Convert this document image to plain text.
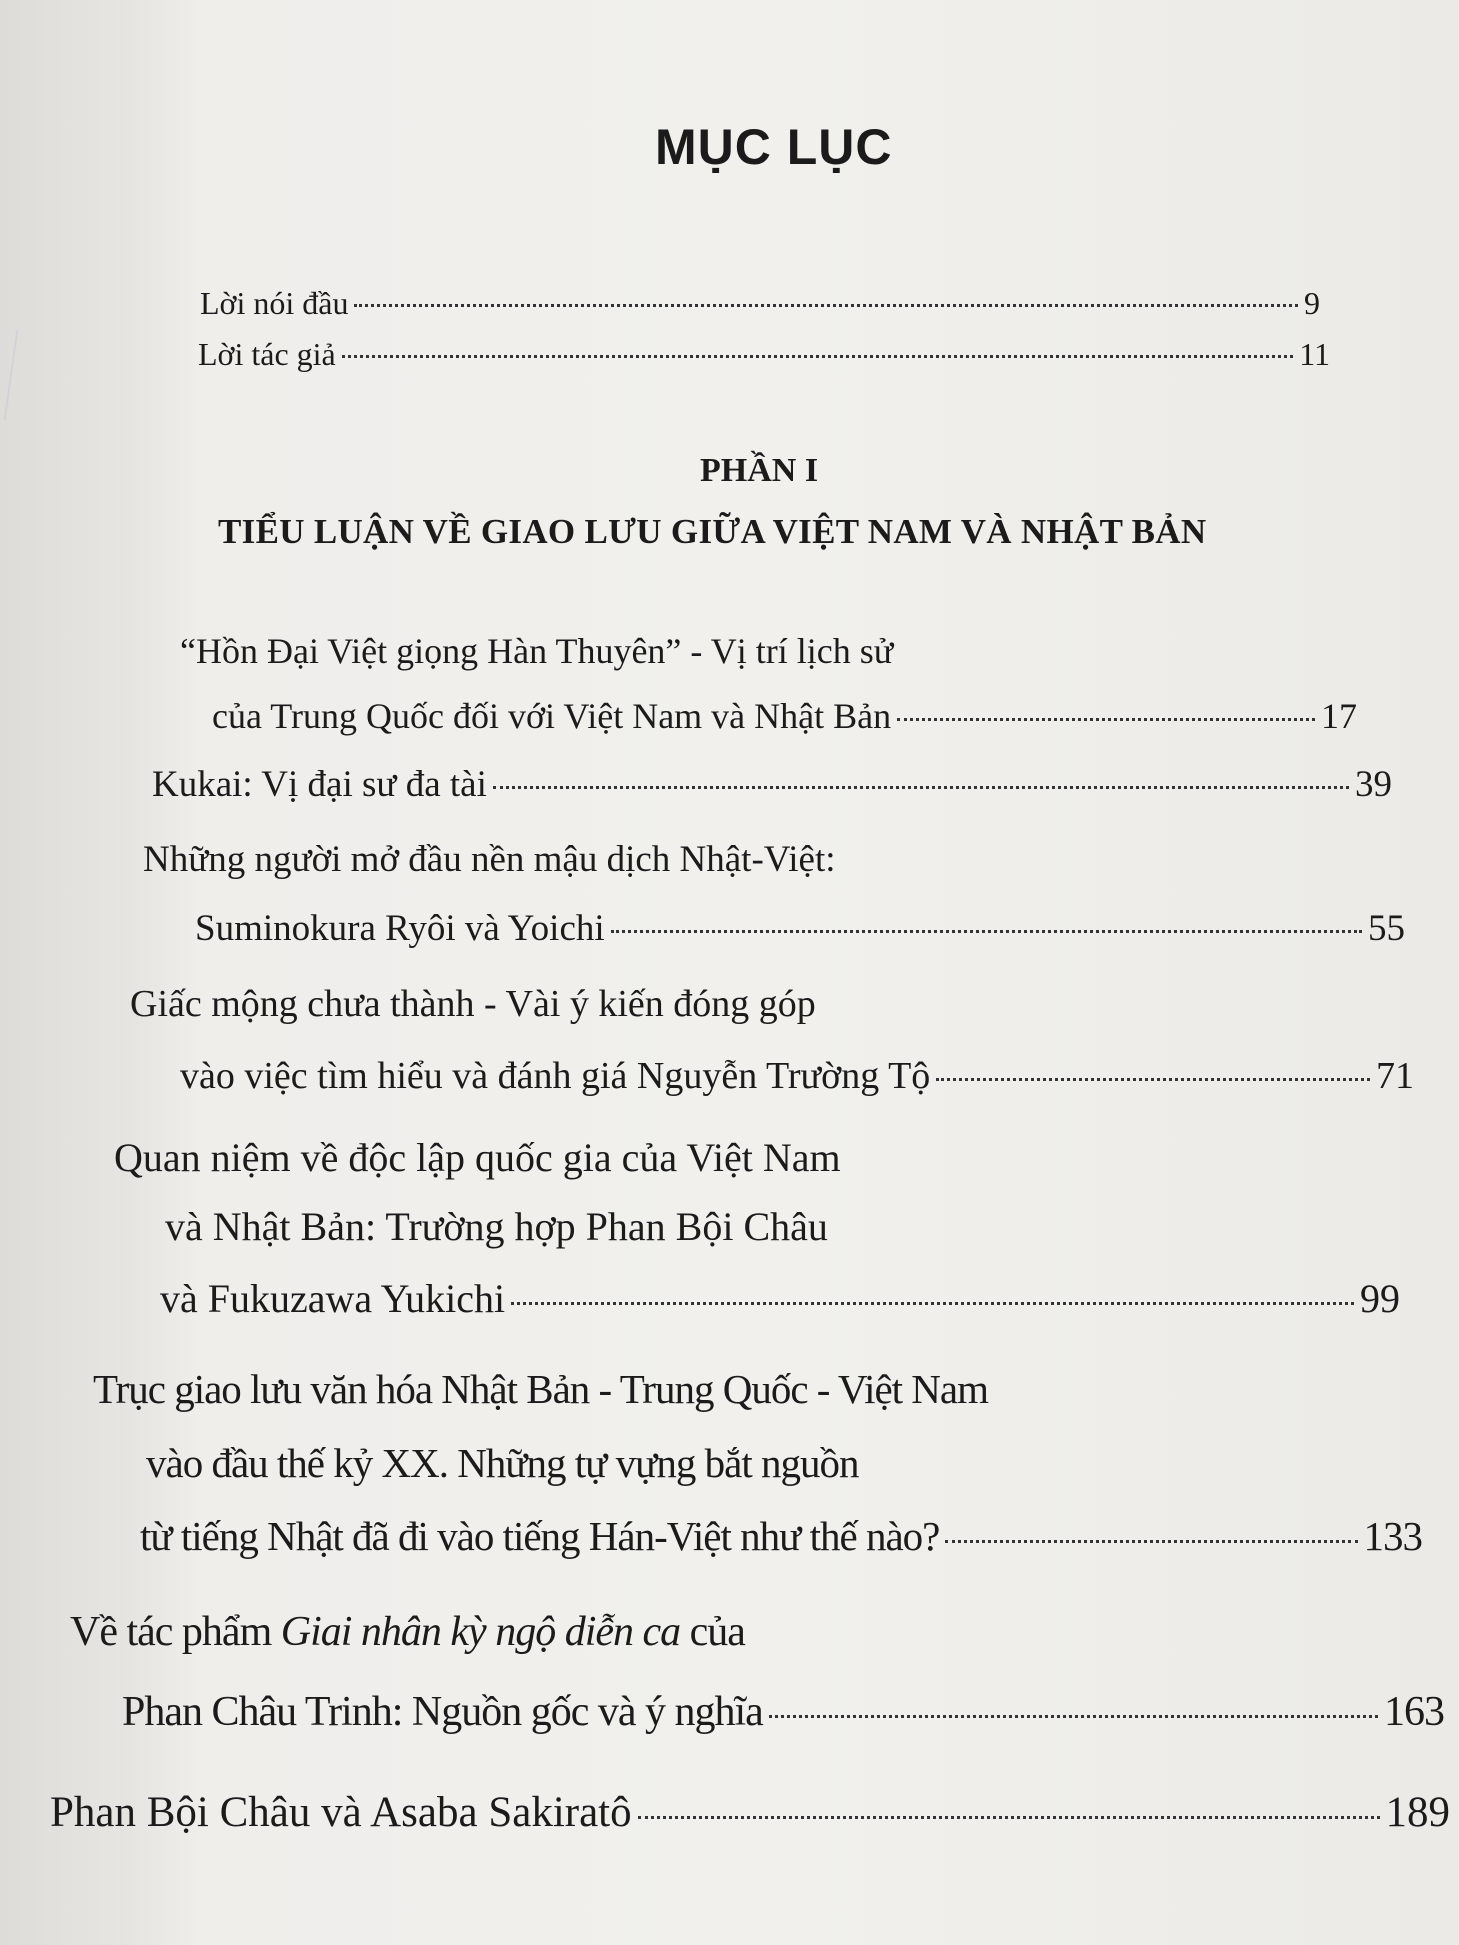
MỤC LỤC
Lời nói đầu	9
Lời tác giả	11
PHẦN I
TIỂU LUẬN VỀ GIAO LƯU GIỮA VIỆT NAM VÀ NHẬT BẢN
“Hồn Đại Việt giọng Hàn Thuyên” - Vị trí lịch sử
của Trung Quốc đối với Việt Nam và Nhật Bản	17
Kukai: Vị đại sư đa tài	39
Những người mở đầu nền mậu dịch Nhật-Việt:
Suminokura Ryôi và Yoichi	55
Giấc mộng chưa thành - Vài ý kiến đóng góp
vào việc tìm hiểu và đánh giá Nguyễn Trường Tộ	71
Quan niệm về độc lập quốc gia của Việt Nam
và Nhật Bản: Trường hợp Phan Bội Châu
và Fukuzawa Yukichi	99
Trục giao lưu văn hóa Nhật Bản - Trung Quốc - Việt Nam
vào đầu thế kỷ XX. Những tự vựng bắt nguồn
từ tiếng Nhật đã đi vào tiếng Hán-Việt như thế nào?	133
Về tác phẩm Giai nhân kỳ ngộ diễn ca của
Phan Châu Trinh: Nguồn gốc và ý nghĩa	163
Phan Bội Châu và Asaba Sakiratô	189
